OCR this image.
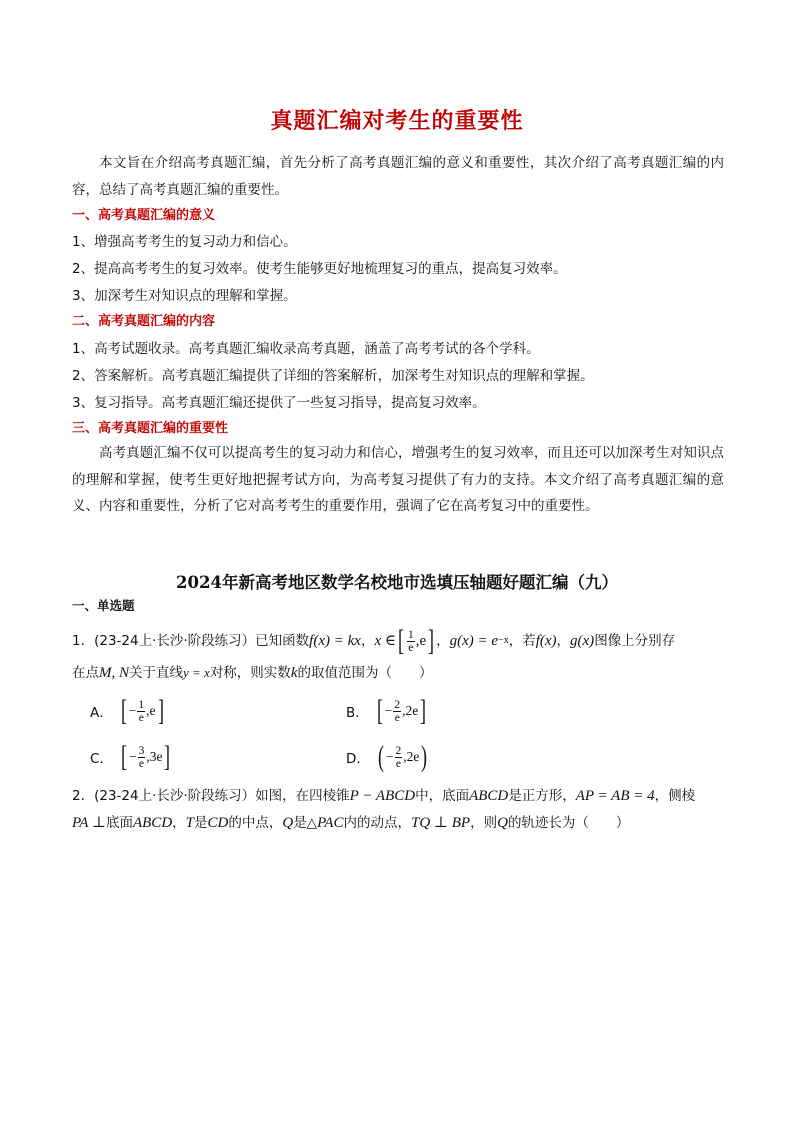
真题汇编对考生的重要性
本文旨在介绍高考真题汇编，首先分析了高考真题汇编的意义和重要性，其次介绍了高考真题汇编的内容，总结了高考真题汇编的重要性。
一、高考真题汇编的意义
1、增强高考考生的复习动力和信心。
2、提高高考考生的复习效率。使考生能够更好地梳理复习的重点，提高复习效率。
3、加深考生对知识点的理解和掌握。
二、高考真题汇编的内容
1、高考试题收录。高考真题汇编收录高考真题，涵盖了高考考试的各个学科。
2、答案解析。高考真题汇编提供了详细的答案解析，加深考生对知识点的理解和掌握。
3、复习指导。高考真题汇编还提供了一些复习指导，提高复习效率。
三、高考真题汇编的重要性
高考真题汇编不仅可以提高考生的复习动力和信心，增强考生的复习效率，而且还可以加深考生对知识点的理解和掌握，使考生更好地把握考试方向，为高考复习提供了有力的支持。本文介绍了高考真题汇编的意义、内容和重要性，分析了它对高考考生的重要作用，强调了它在高考复习中的重要性。
2024年新高考地区数学名校地市选填压轴题好题汇编（九）
一、单选题
1．(23-24上·长沙·阶段练习）已知函数 f(x) = kx ， x ∈ [ $\frac{1}{e} ,e$ ] ， g(x) = e −x ，若 f(x) ， g(x) 图像上分别存
在点M, N关于直线y = x对称，则实数k的取值范围为（　　）
A． [ − $\frac{1}{e} ,e$ ]	B． [ − $\frac{2}{e} ,2e$ ]
C． [ − $\frac{3}{e} ,3e$ ]	D． ( − $\frac{2}{e} ,2e$ )
2．(23-24上·长沙·阶段练习）如图，在四棱锥P − ABCD中，底面ABCD是正方形，AP = AB = 4，侧棱
PA ⊥底面ABCD，T是CD的中点，Q是△PAC内的动点，TQ ⊥ BP，则Q的轨迹长为（　　）
